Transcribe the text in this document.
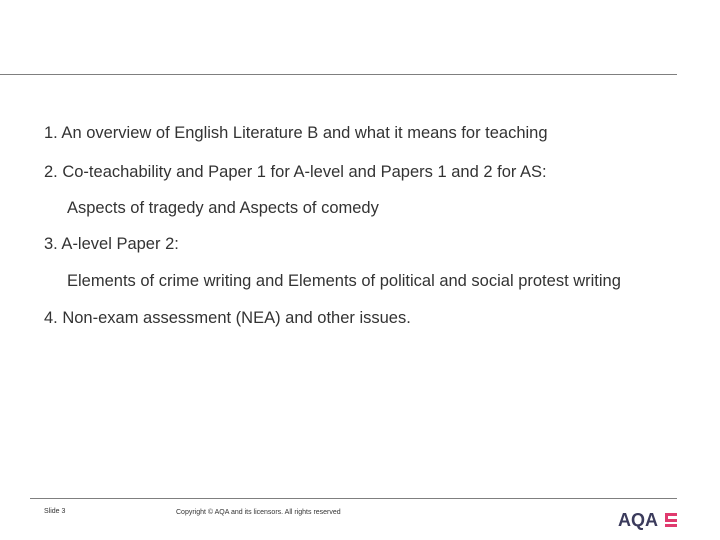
1. An overview of English Literature B and what it means for teaching
2. Co-teachability and Paper 1 for A-level and Papers 1 and 2 for AS:
Aspects of tragedy and Aspects of comedy
3. A-level Paper 2:
Elements of crime writing and Elements of political and social protest writing
4. Non-exam assessment (NEA) and other issues.
Slide 3	Copyright © AQA and its licensors. All rights reserved	AQA
